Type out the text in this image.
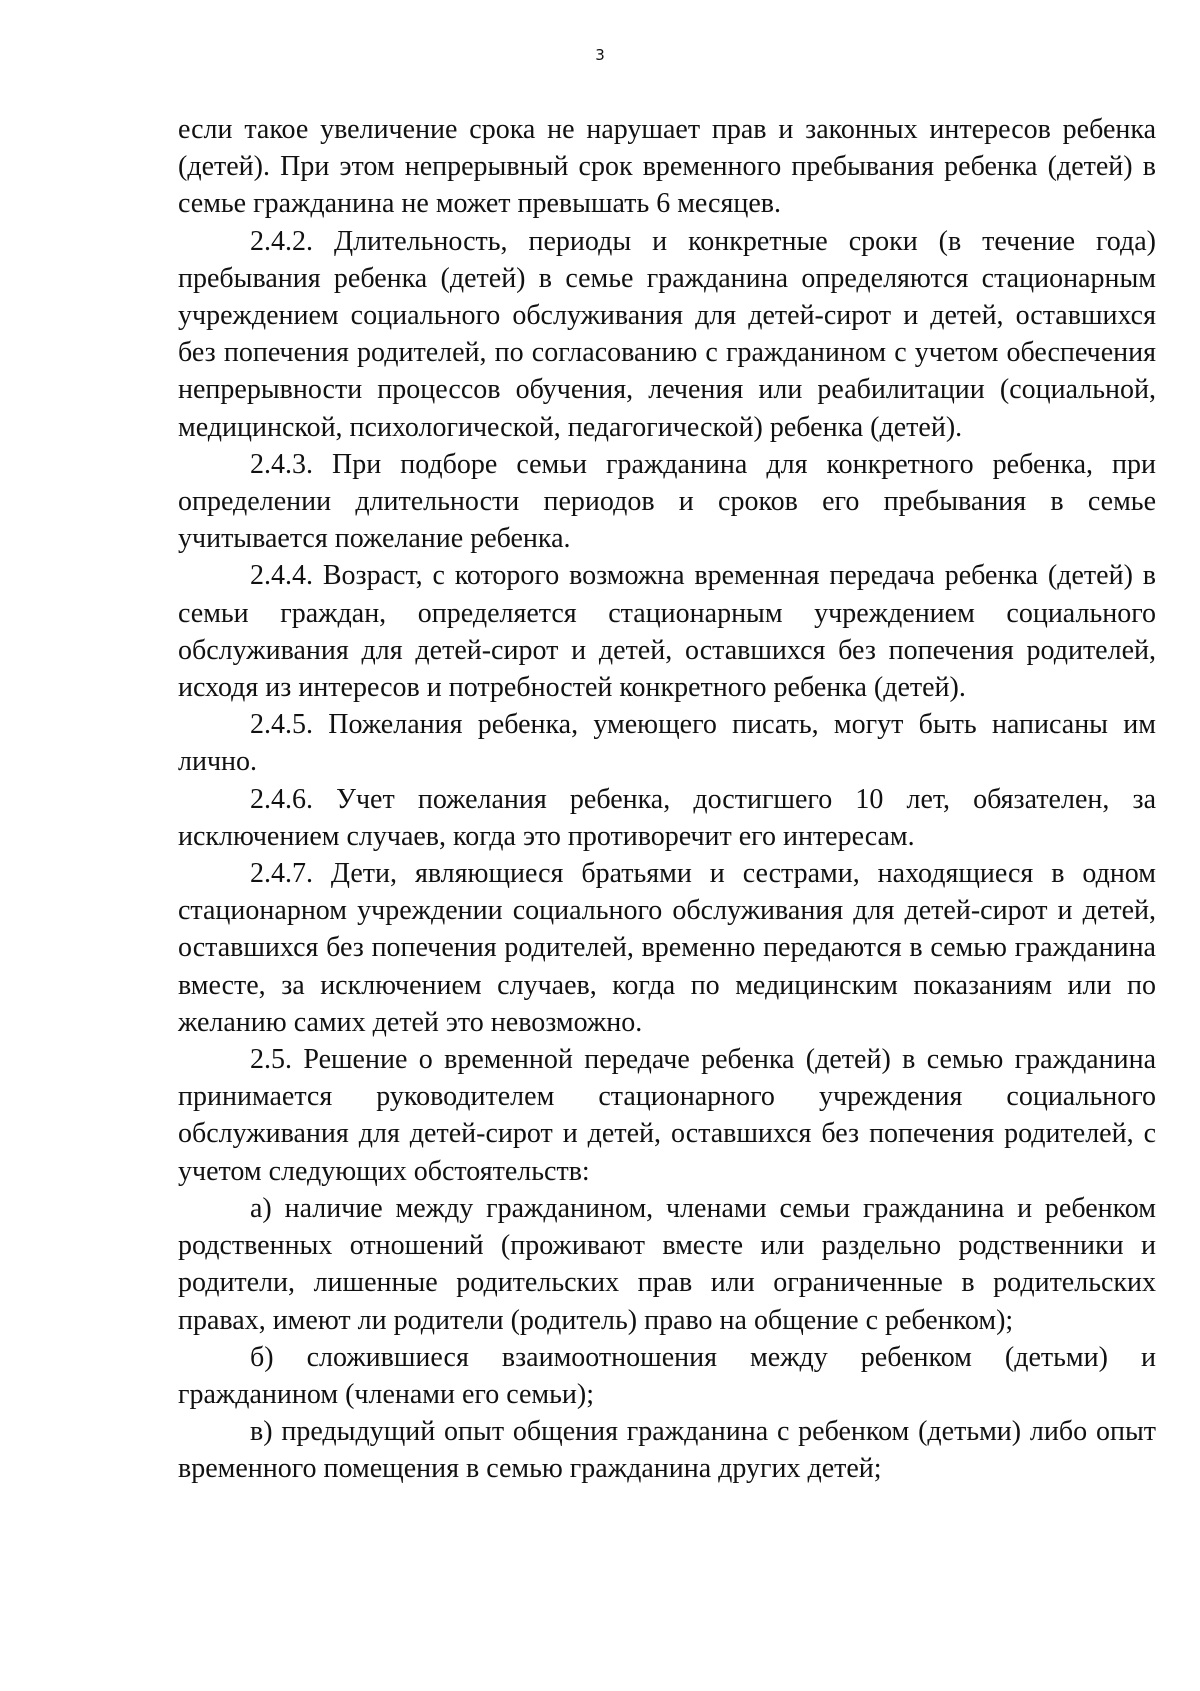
3

если такое увеличение срока не нарушает прав и законных интересов ребенка (детей). При этом непрерывный срок временного пребывания ребенка (детей) в семье гражданина не может превышать 6 месяцев.

2.4.2. Длительность, периоды и конкретные сроки (в течение года) пребывания ребенка (детей) в семье гражданина определяются стационарным учреждением социального обслуживания для детей-сирот и детей, оставшихся без попечения родителей, по согласованию с гражданином с учетом обеспечения непрерывности процессов обучения, лечения или реабилитации (социальной, медицинской, психологической, педагогической) ребенка (детей).

2.4.3. При подборе семьи гражданина для конкретного ребенка, при определении длительности периодов и сроков его пребывания в семье учитывается пожелание ребенка.

2.4.4. Возраст, с которого возможна временная передача ребенка (детей) в семьи граждан, определяется стационарным учреждением социального обслуживания для детей-сирот и детей, оставшихся без попечения родителей, исходя из интересов и потребностей конкретного ребенка (детей).

2.4.5. Пожелания ребенка, умеющего писать, могут быть написаны им лично.

2.4.6. Учет пожелания ребенка, достигшего 10 лет, обязателен, за исключением случаев, когда это противоречит его интересам.

2.4.7. Дети, являющиеся братьями и сестрами, находящиеся в одном стационарном учреждении социального обслуживания для детей-сирот и детей, оставшихся без попечения родителей, временно передаются в семью гражданина вместе, за исключением случаев, когда по медицинским показаниям или по желанию самих детей это невозможно.

2.5. Решение о временной передаче ребенка (детей) в семью гражданина принимается руководителем стационарного учреждения социального обслуживания для детей-сирот и детей, оставшихся без попечения родителей, с учетом следующих обстоятельств:

а) наличие между гражданином, членами семьи гражданина и ребенком родственных отношений (проживают вместе или раздельно родственники и родители, лишенные родительских прав или ограниченные в родительских правах, имеют ли родители (родитель) право на общение с ребенком);

б) сложившиеся взаимоотношения между ребенком (детьми) и гражданином (членами его семьи);

в) предыдущий опыт общения гражданина с ребенком (детьми) либо опыт временного помещения в семью гражданина других детей;
